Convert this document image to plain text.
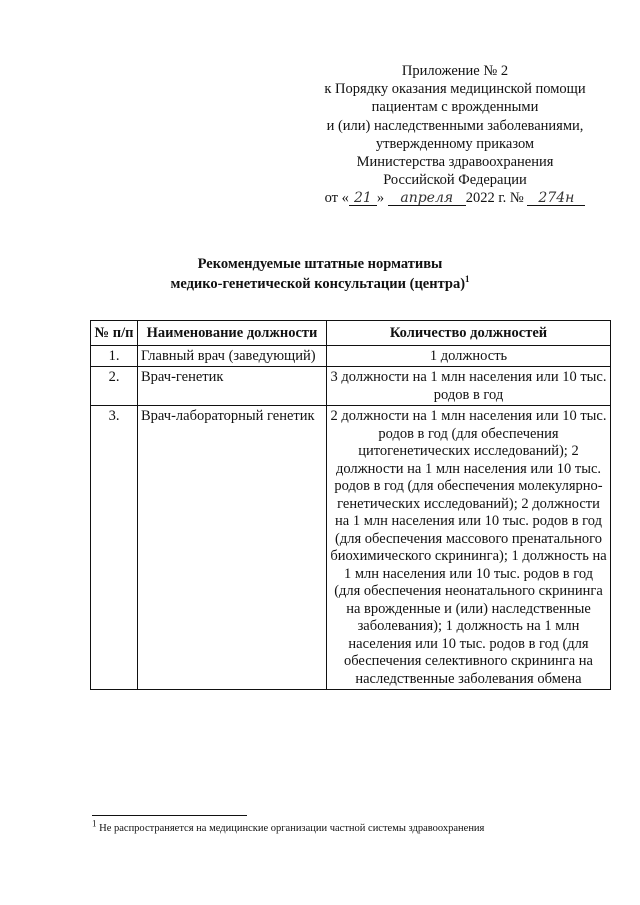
Приложение № 2
к Порядку оказания медицинской помощи
пациентам с врожденными
и (или) наследственными заболеваниями,
утвержденному приказом
Министерства здравоохранения
Российской Федерации
от « 21 » апреля 2022 г. № 274н
Рекомендуемые штатные нормативы
медико-генетической консультации (центра)$^1$
№ п/п	Наименование должности	Количество должностей
1.	Главный врач (заведующий)	1 должность
2.	Врач-генетик	3 должности на 1 млн населения или 10 тыс. родов в год
3.	Врач-лабораторный генетик	2 должности на 1 млн населения или 10 тыс. родов в год (для обеспечения цитогенетических исследований); 2 должности на 1 млн населения или 10 тыс. родов в год (для обеспечения молекулярно-генетических исследований); 2 должности на 1 млн населения или 10 тыс. родов в год (для обеспечения массового пренатального биохимического скрининга); 1 должность на 1 млн населения или 10 тыс. родов в год (для обеспечения неонатального скрининга на врожденные и (или) наследственные заболевания); 1 должность на 1 млн населения или 10 тыс. родов в год (для обеспечения селективного скрининга на наследственные заболевания обмена
$^1$ Не распространяется на медицинские организации частной системы здравоохранения
